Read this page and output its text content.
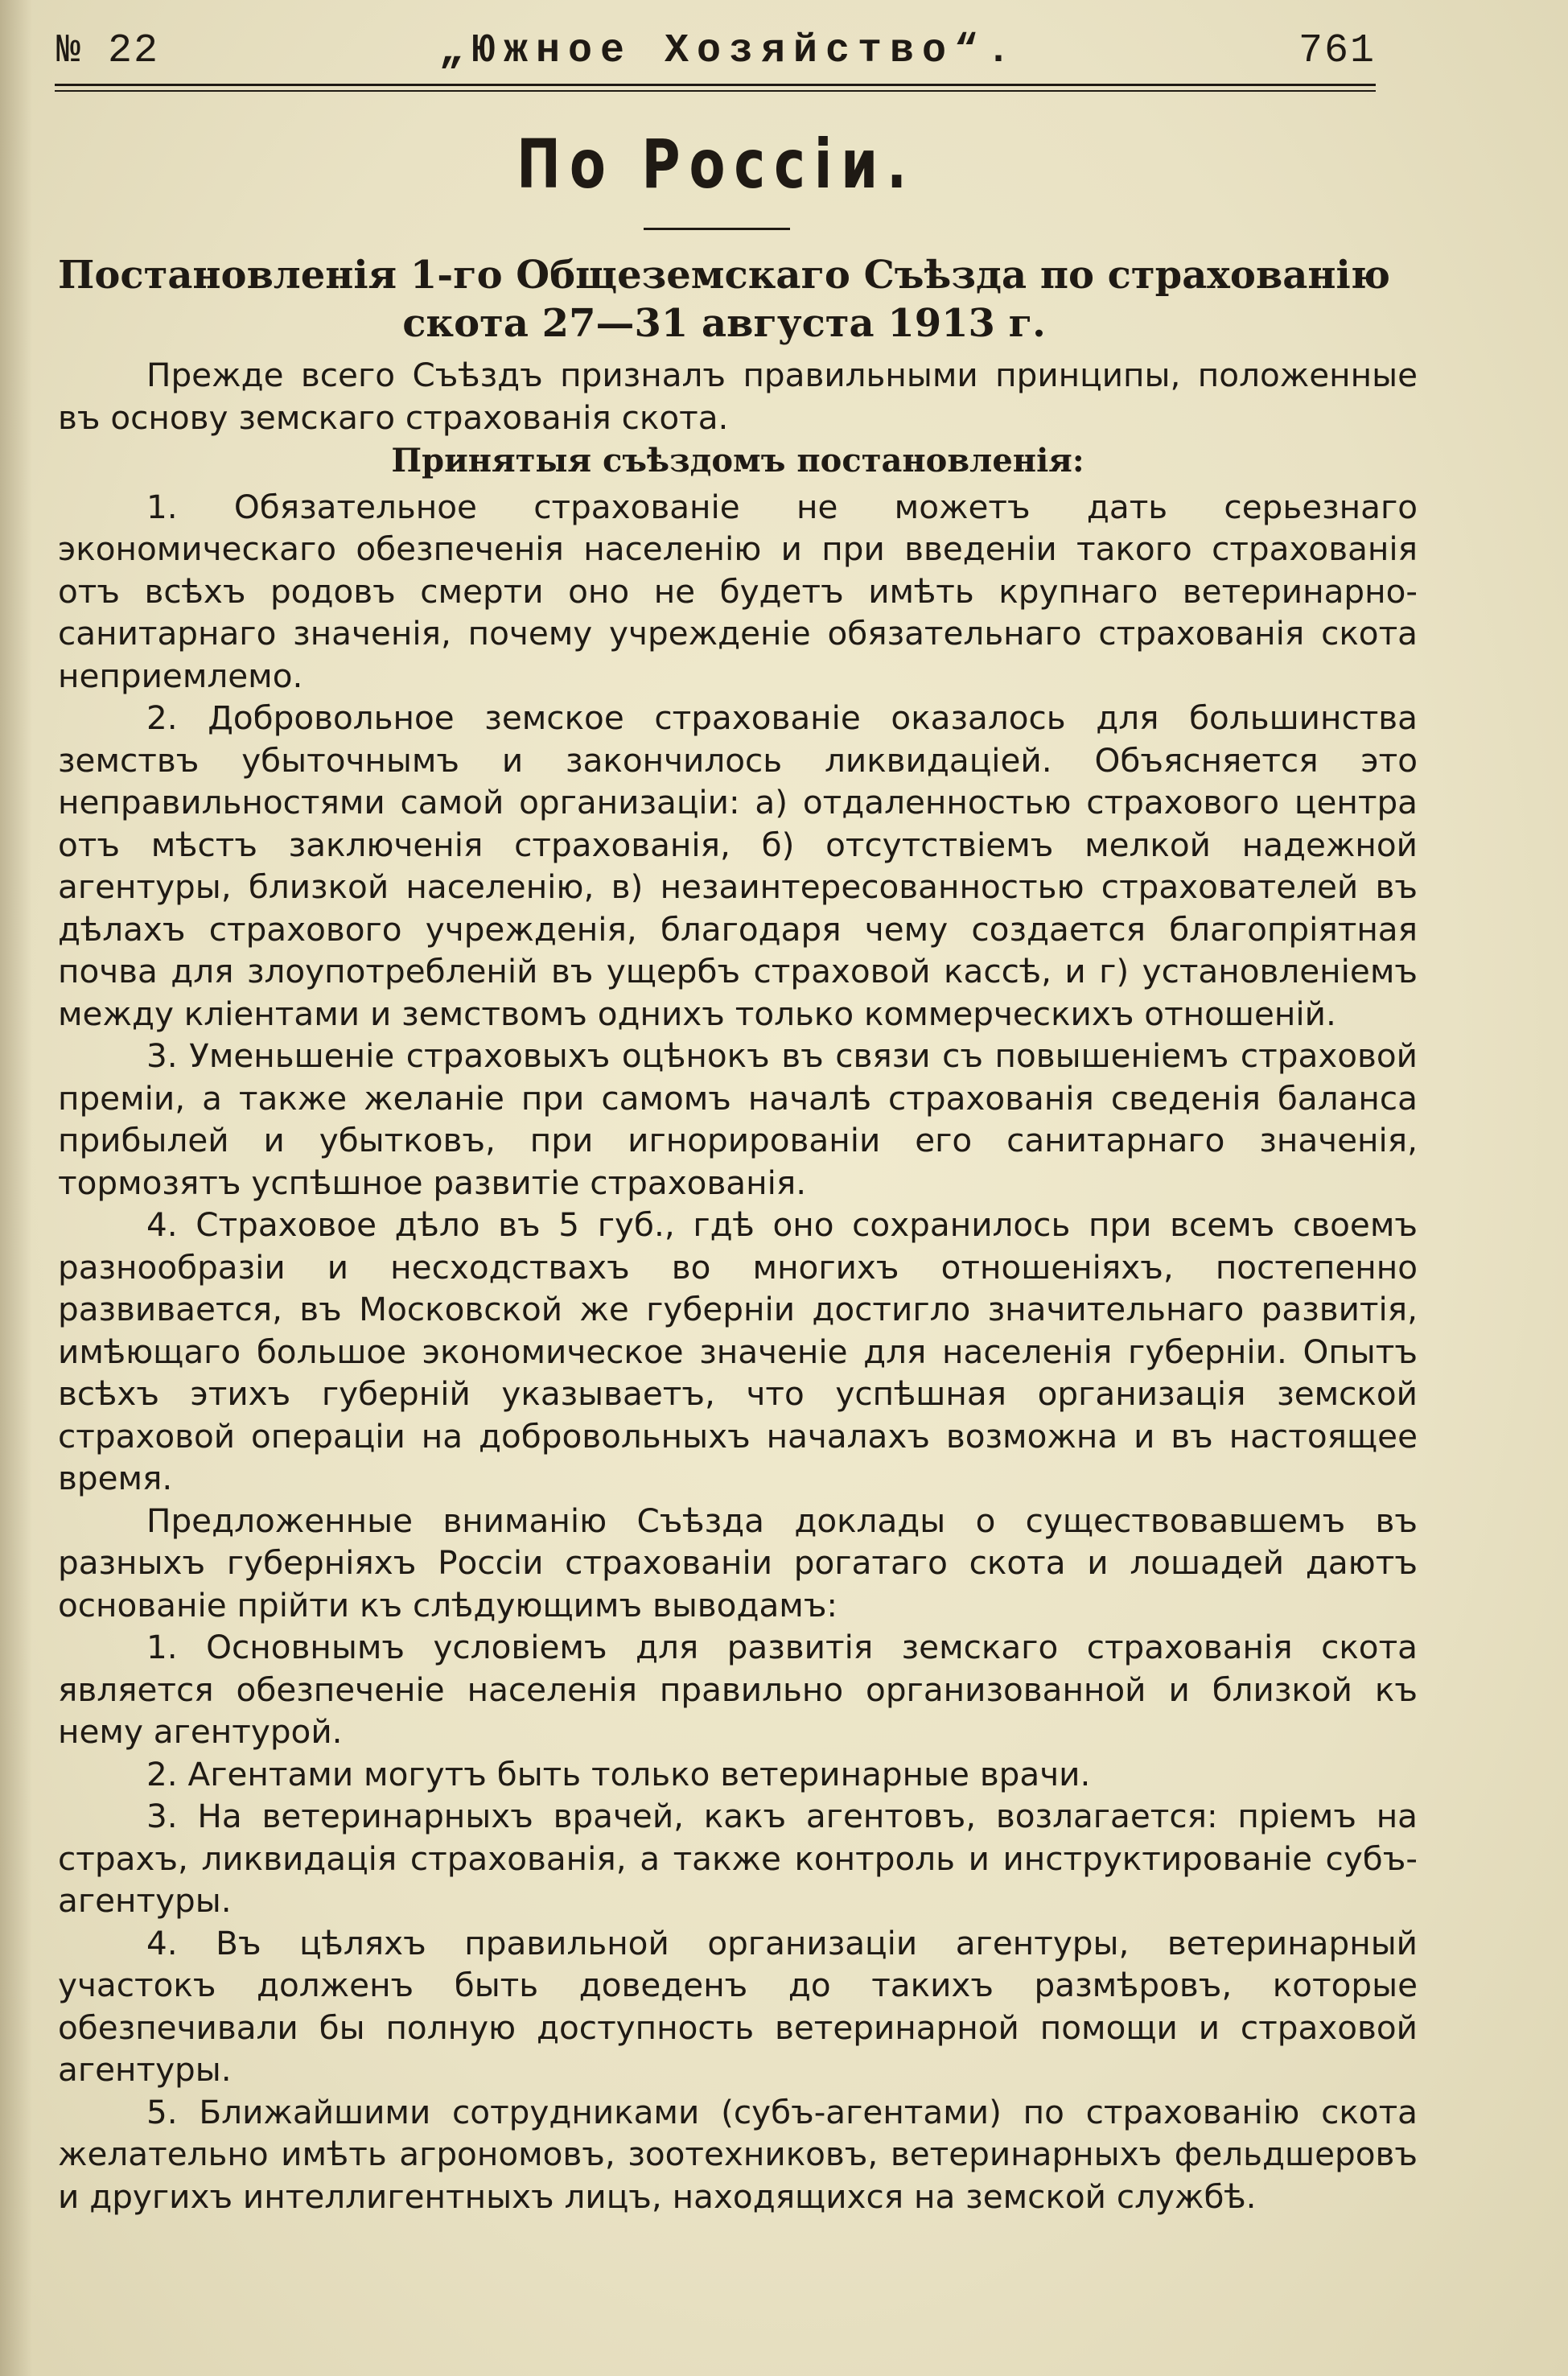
№ 22	„Южное Хозяйство“.	761
По Россіи.
Постановленія 1-го Общеземскаго Съѣзда по страхованію скота 27—31 августа 1913 г.

Прежде всего Съѣздъ призналъ правильными принципы, положенные въ основу земскаго страхованія скота.

Принятыя съѣздомъ постановленія:

1. Обязательное страхованіе не можетъ дать серьезнаго экономическаго обезпеченія населенію и при введеніи такого страхованія отъ всѣхъ родовъ смерти оно не будетъ имѣть крупнаго ветеринарно-санитарнаго значенія, почему учрежденіе обязательнаго страхованія скота неприемлемо.

2. Добровольное земское страхованіе оказалось для большинства земствъ убыточнымъ и закончилось ликвидаціей. Объясняется это неправильностями самой организаціи: а) отдаленностью страхового центра отъ мѣстъ заключенія страхованія, б) отсутствіемъ мелкой надежной агентуры, близкой населенію, в) незаинтересованностью страхователей въ дѣлахъ страхового учрежденія, благодаря чему создается благопріятная почва для злоупотребленій въ ущербъ страховой кассѣ, и г) установленіемъ между кліентами и земствомъ однихъ только коммерческихъ отношеній.

3. Уменьшеніе страховыхъ оцѣнокъ въ связи съ повышеніемъ страховой преміи, а также желаніе при самомъ началѣ страхованія сведенія баланса прибылей и убытковъ, при игнорированіи его санитарнаго значенія, тормозятъ успѣшное развитіе страхованія.

4. Страховое дѣло въ 5 губ., гдѣ оно сохранилось при всемъ своемъ разнообразіи и несходствахъ во многихъ отношеніяхъ, постепенно развивается, въ Московской же губерніи достигло значительнаго развитія, имѣющаго большое экономическое значеніе для населенія губерніи. Опытъ всѣхъ этихъ губерній указываетъ, что успѣшная организація земской страховой операціи на добровольныхъ началахъ возможна и въ настоящее время.

Предложенные вниманію Съѣзда доклады о существовавшемъ въ разныхъ губерніяхъ Россіи страхованіи рогатаго скота и лошадей даютъ основаніе прійти къ слѣдующимъ выводамъ:

1. Основнымъ условіемъ для развитія земскаго страхованія скота является обезпеченіе населенія правильно организованной и близкой къ нему агентурой.

2. Агентами могутъ быть только ветеринарные врачи.

3. На ветеринарныхъ врачей, какъ агентовъ, возлагается: пріемъ на страхъ, ликвидація страхованія, а также контроль и инструктированіе субъ-агентуры.

4. Въ цѣляхъ правильной организаціи агентуры, ветеринарный участокъ долженъ быть доведенъ до такихъ размѣровъ, которые обезпечивали бы полную доступность ветеринарной помощи и страховой агентуры.

5. Ближайшими сотрудниками (субъ-агентами) по страхованію скота желательно имѣть агрономовъ, зоотехниковъ, ветеринарныхъ фельдшеровъ и другихъ интеллигентныхъ лицъ, находящихся на земской службѣ.
